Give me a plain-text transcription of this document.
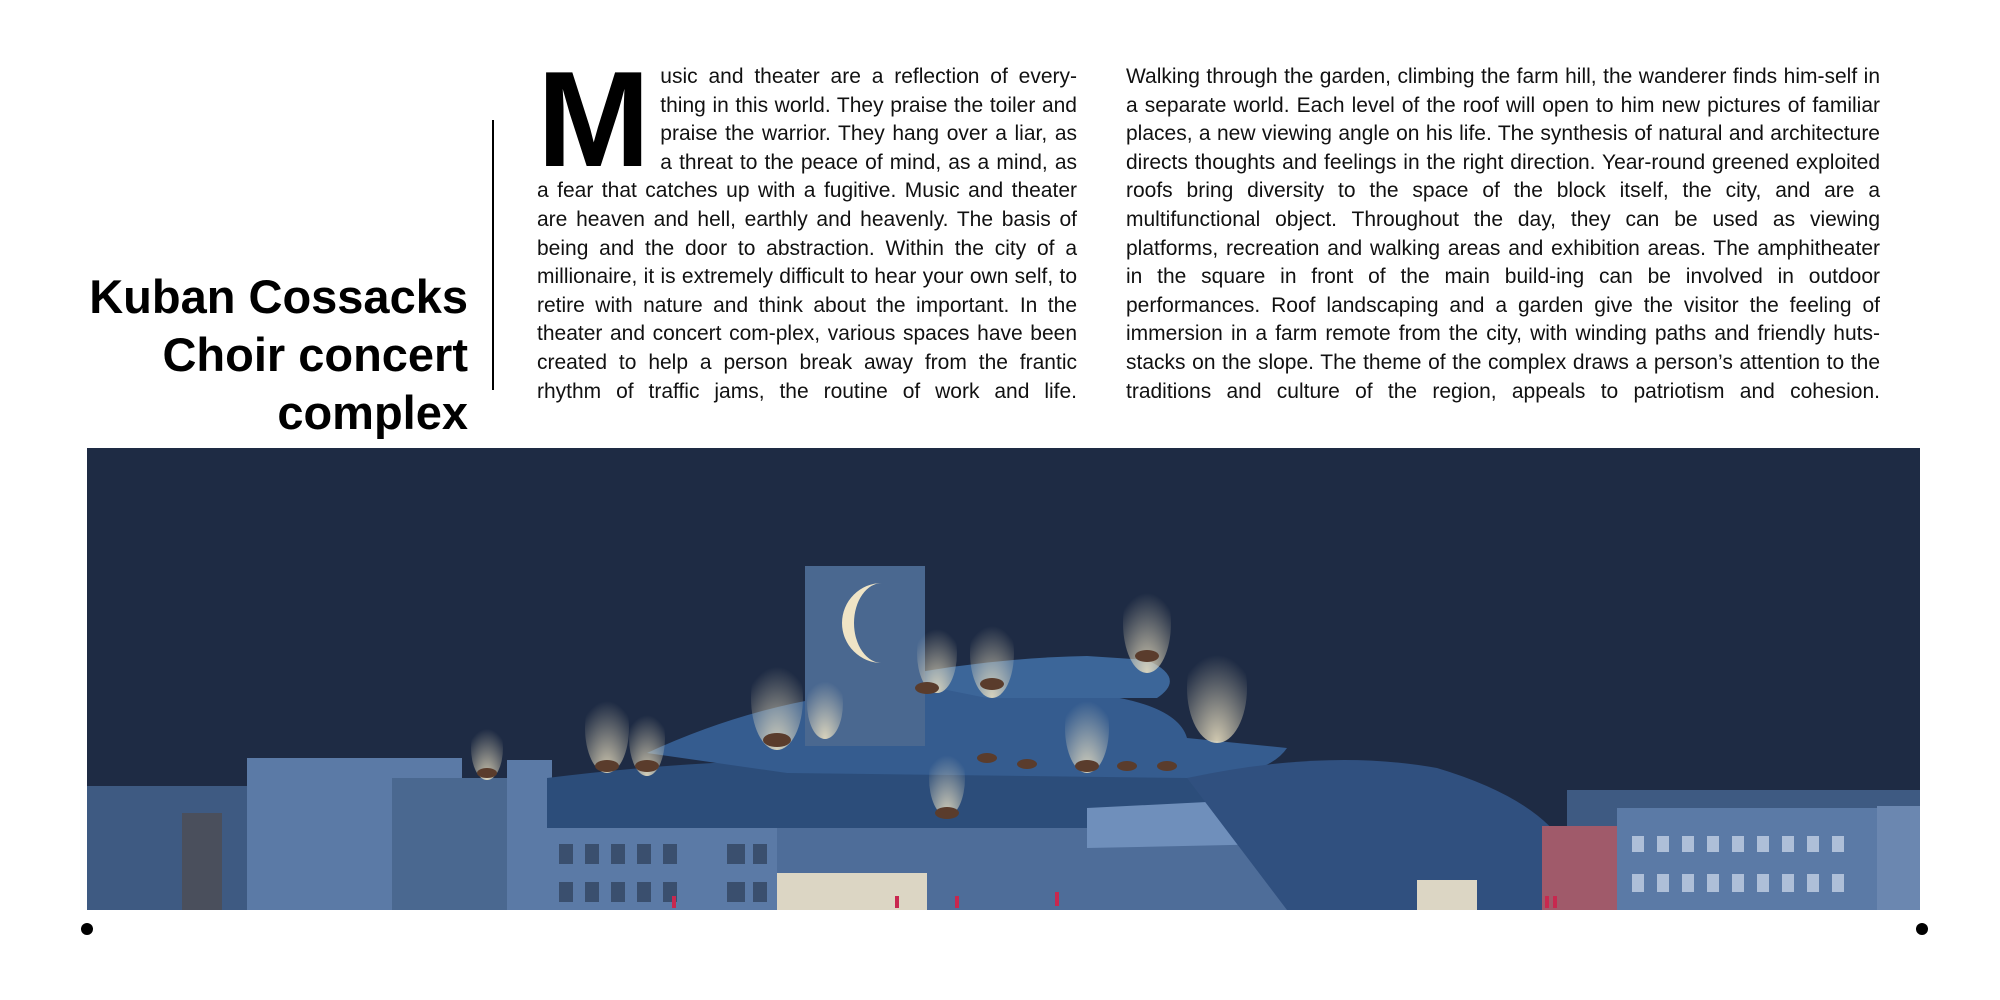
Kuban Cossacks
Choir concert
complex
M usic and theater are a reflection of every-thing in this world. They praise the toiler and praise the warrior. They hang over a liar, as a threat to the peace of mind, as a mind, as a fear that catches up with a fugitive. Music and theater are heaven and hell, earthly and heavenly. The basis of being and the door to abstraction. Within the city of a millionaire, it is extremely difficult to hear your own self, to retire with nature and think about the important. In the theater and concert com-plex, various spaces have been created to help a person break away from the frantic rhythm of traffic jams, the routine of work and life.
Walking through the garden, climbing the farm hill, the wanderer finds him-self in a separate world. Each level of the roof will open to him new pictures of familiar places, a new viewing angle on his life. The synthesis of natural and architecture directs thoughts and feelings in the right direction. Year-round greened exploited roofs bring diversity to the space of the block itself, the city, and are a multifunctional object. Throughout the day, they can be used as viewing platforms, recreation and walking areas and exhibition areas. The amphitheater in the square in front of the main build-ing can be involved in outdoor performances. Roof landscaping and a garden give the visitor the feeling of immersion in a farm remote from the city, with winding paths and friendly huts-stacks on the slope. The theme of the complex draws a person’s attention to the traditions and culture of the region, appeals to patriotism and cohesion.
